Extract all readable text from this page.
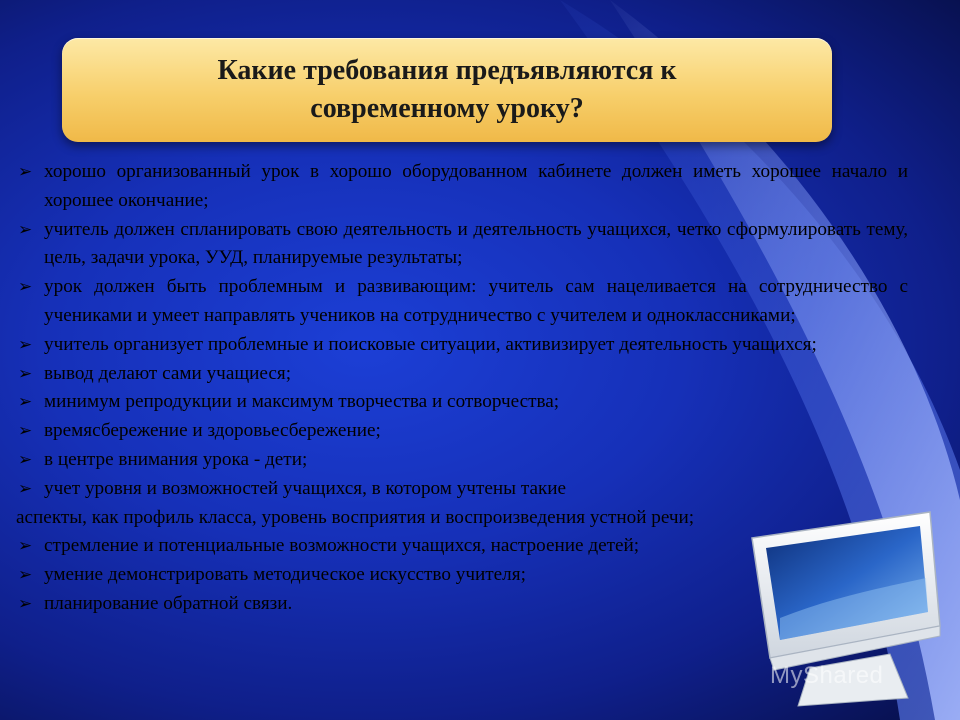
Какие требования предъявляются к
современному уроку?
➢ хорошо организованный урок в хорошо оборудованном кабинете должен иметь хорошее начало и хорошее окончание;
➢ учитель должен спланировать свою деятельность и деятельность учащихся, четко сформулировать тему, цель, задачи урока, УУД, планируемые результаты;
➢ урок должен быть проблемным и развивающим: учитель сам нацеливается на сотрудничество с учениками и умеет направлять учеников на сотрудничество с учителем и одноклассниками;
➢ учитель организует проблемные и поисковые ситуации, активизирует деятельность учащихся;
➢ вывод делают сами учащиеся;
➢ минимум репродукции и максимум творчества и сотворчества;
➢ времясбережение и здоровьесбережение;
➢ в центре внимания урока - дети;
➢ учет уровня и возможностей учащихся, в котором учтены такие
аспекты, как профиль класса, уровень восприятия и воспроизведения устной речи;
➢ стремление и потенциальные возможности учащихся, настроение детей;
➢ умение демонстрировать методическое искусство учителя;
➢ планирование обратной связи.
MyShared
